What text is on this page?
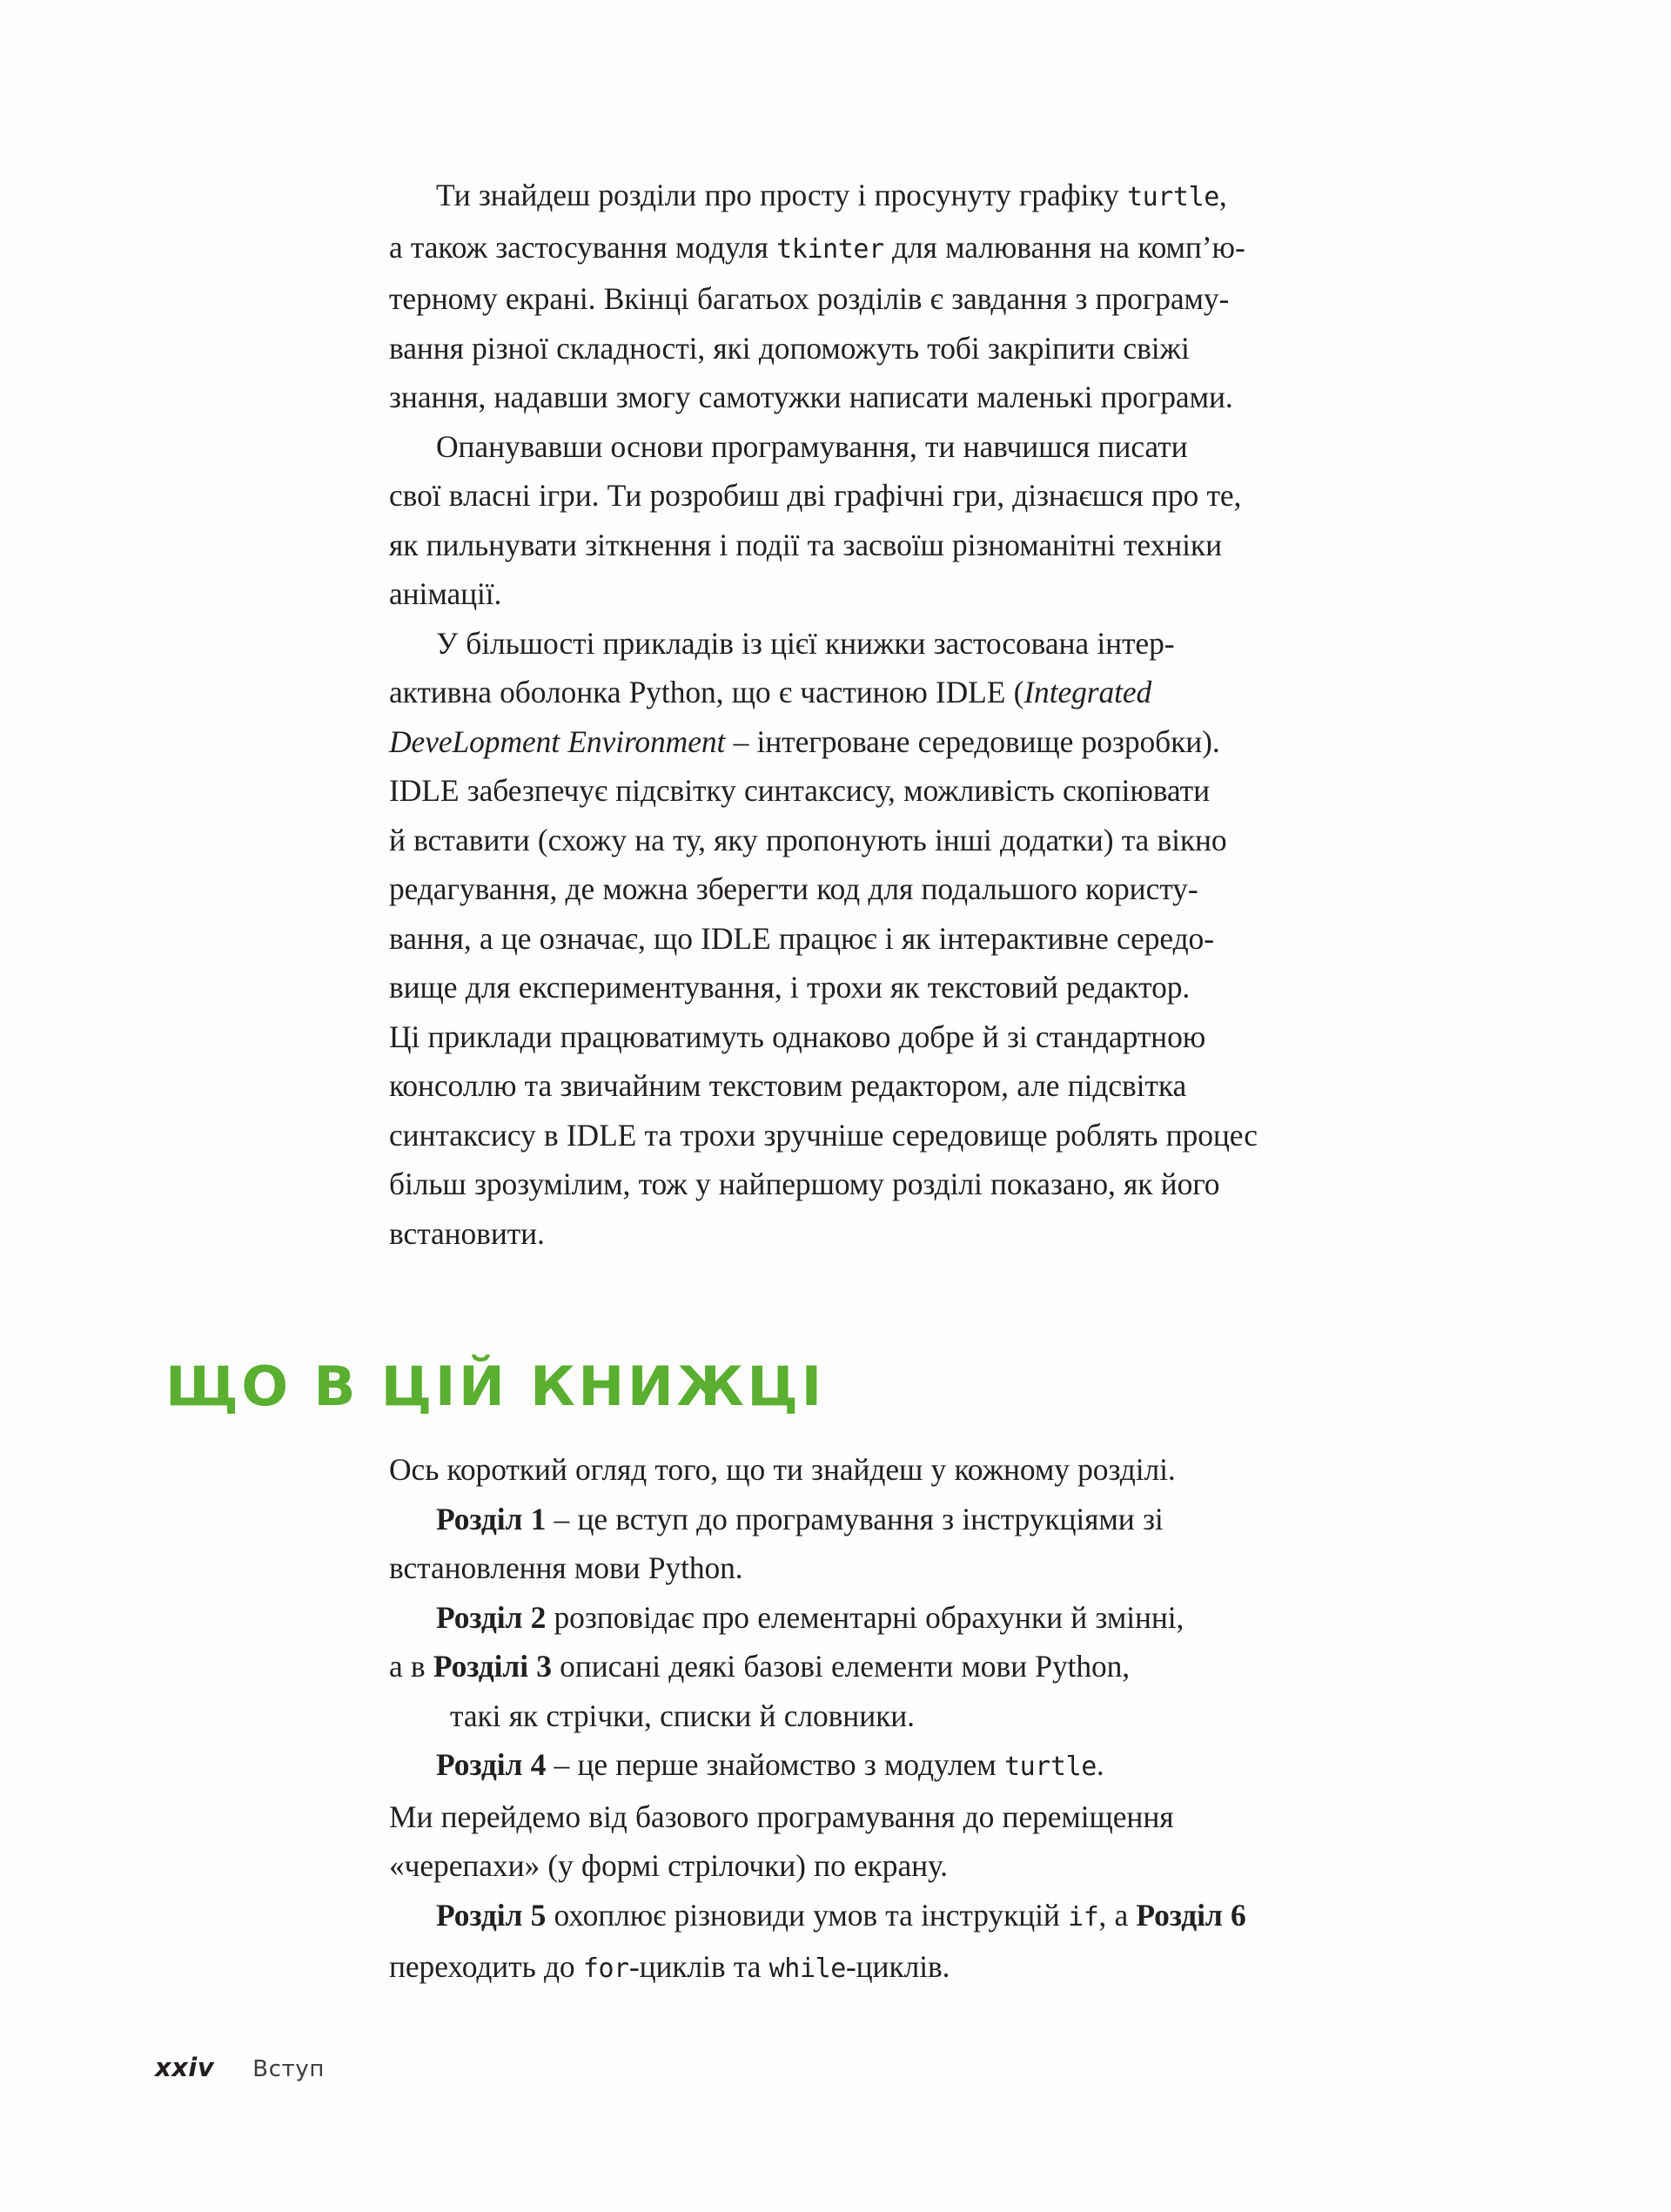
Ти знайдеш розділи про просту і просунуту графіку turtle,
а також застосування модуля tkinter для малювання на комп’ю-
терному екрані. Вкінці багатьох розділів є завдання з програму-
вання різної складності, які допоможуть тобі закріпити свіжі
знання, надавши змогу самотужки написати маленькі програми.

Опанувавши основи програмування, ти навчишся писати
свої власні ігри. Ти розробиш дві графічні гри, дізнаєшся про те,
як пильнувати зіткнення і події та засвоїш різноманітні техніки
анімації.

У більшості прикладів із цієї книжки застосована інтер-
активна оболонка Python, що є частиною IDLE (Integrated
DeveLopment Environment – інтегроване середовище розробки).
IDLE забезпечує підсвітку синтаксису, можливість скопіювати
й вставити (схожу на ту, яку пропонують інші додатки) та вікно
редагування, де можна зберегти код для подальшого користу-
вання, а це означає, що IDLE працює і як інтерактивне середо-
вище для експериментування, і трохи як текстовий редактор.
Ці приклади працюватимуть однаково добре й зі стандартною
консоллю та звичайним текстовим редактором, але підсвітка
синтаксису в IDLE та трохи зручніше середовище роблять процес
більш зрозумілим, тож у найпершому розділі показано, як його
встановити.

ЩО В ЦІЙ КНИЖЦІ

Ось короткий огляд того, що ти знайдеш у кожному розділі.

Розділ 1 – це вступ до програмування з інструкціями зі
встановлення мови Python.

Розділ 2 розповідає про елементарні обрахунки й змінні,
а в Розділі 3 описані деякі базові елементи мови Python,
такі як стрічки, списки й словники.

Розділ 4 – це перше знайомство з модулем turtle.
Ми перейдемо від базового програмування до переміщення
«черепахи» (у формі стрілочки) по екрану.

Розділ 5 охоплює різновиди умов та інструкцій if, а Розділ 6
переходить до for-циклів та while-циклів.

xxiv Вступ
